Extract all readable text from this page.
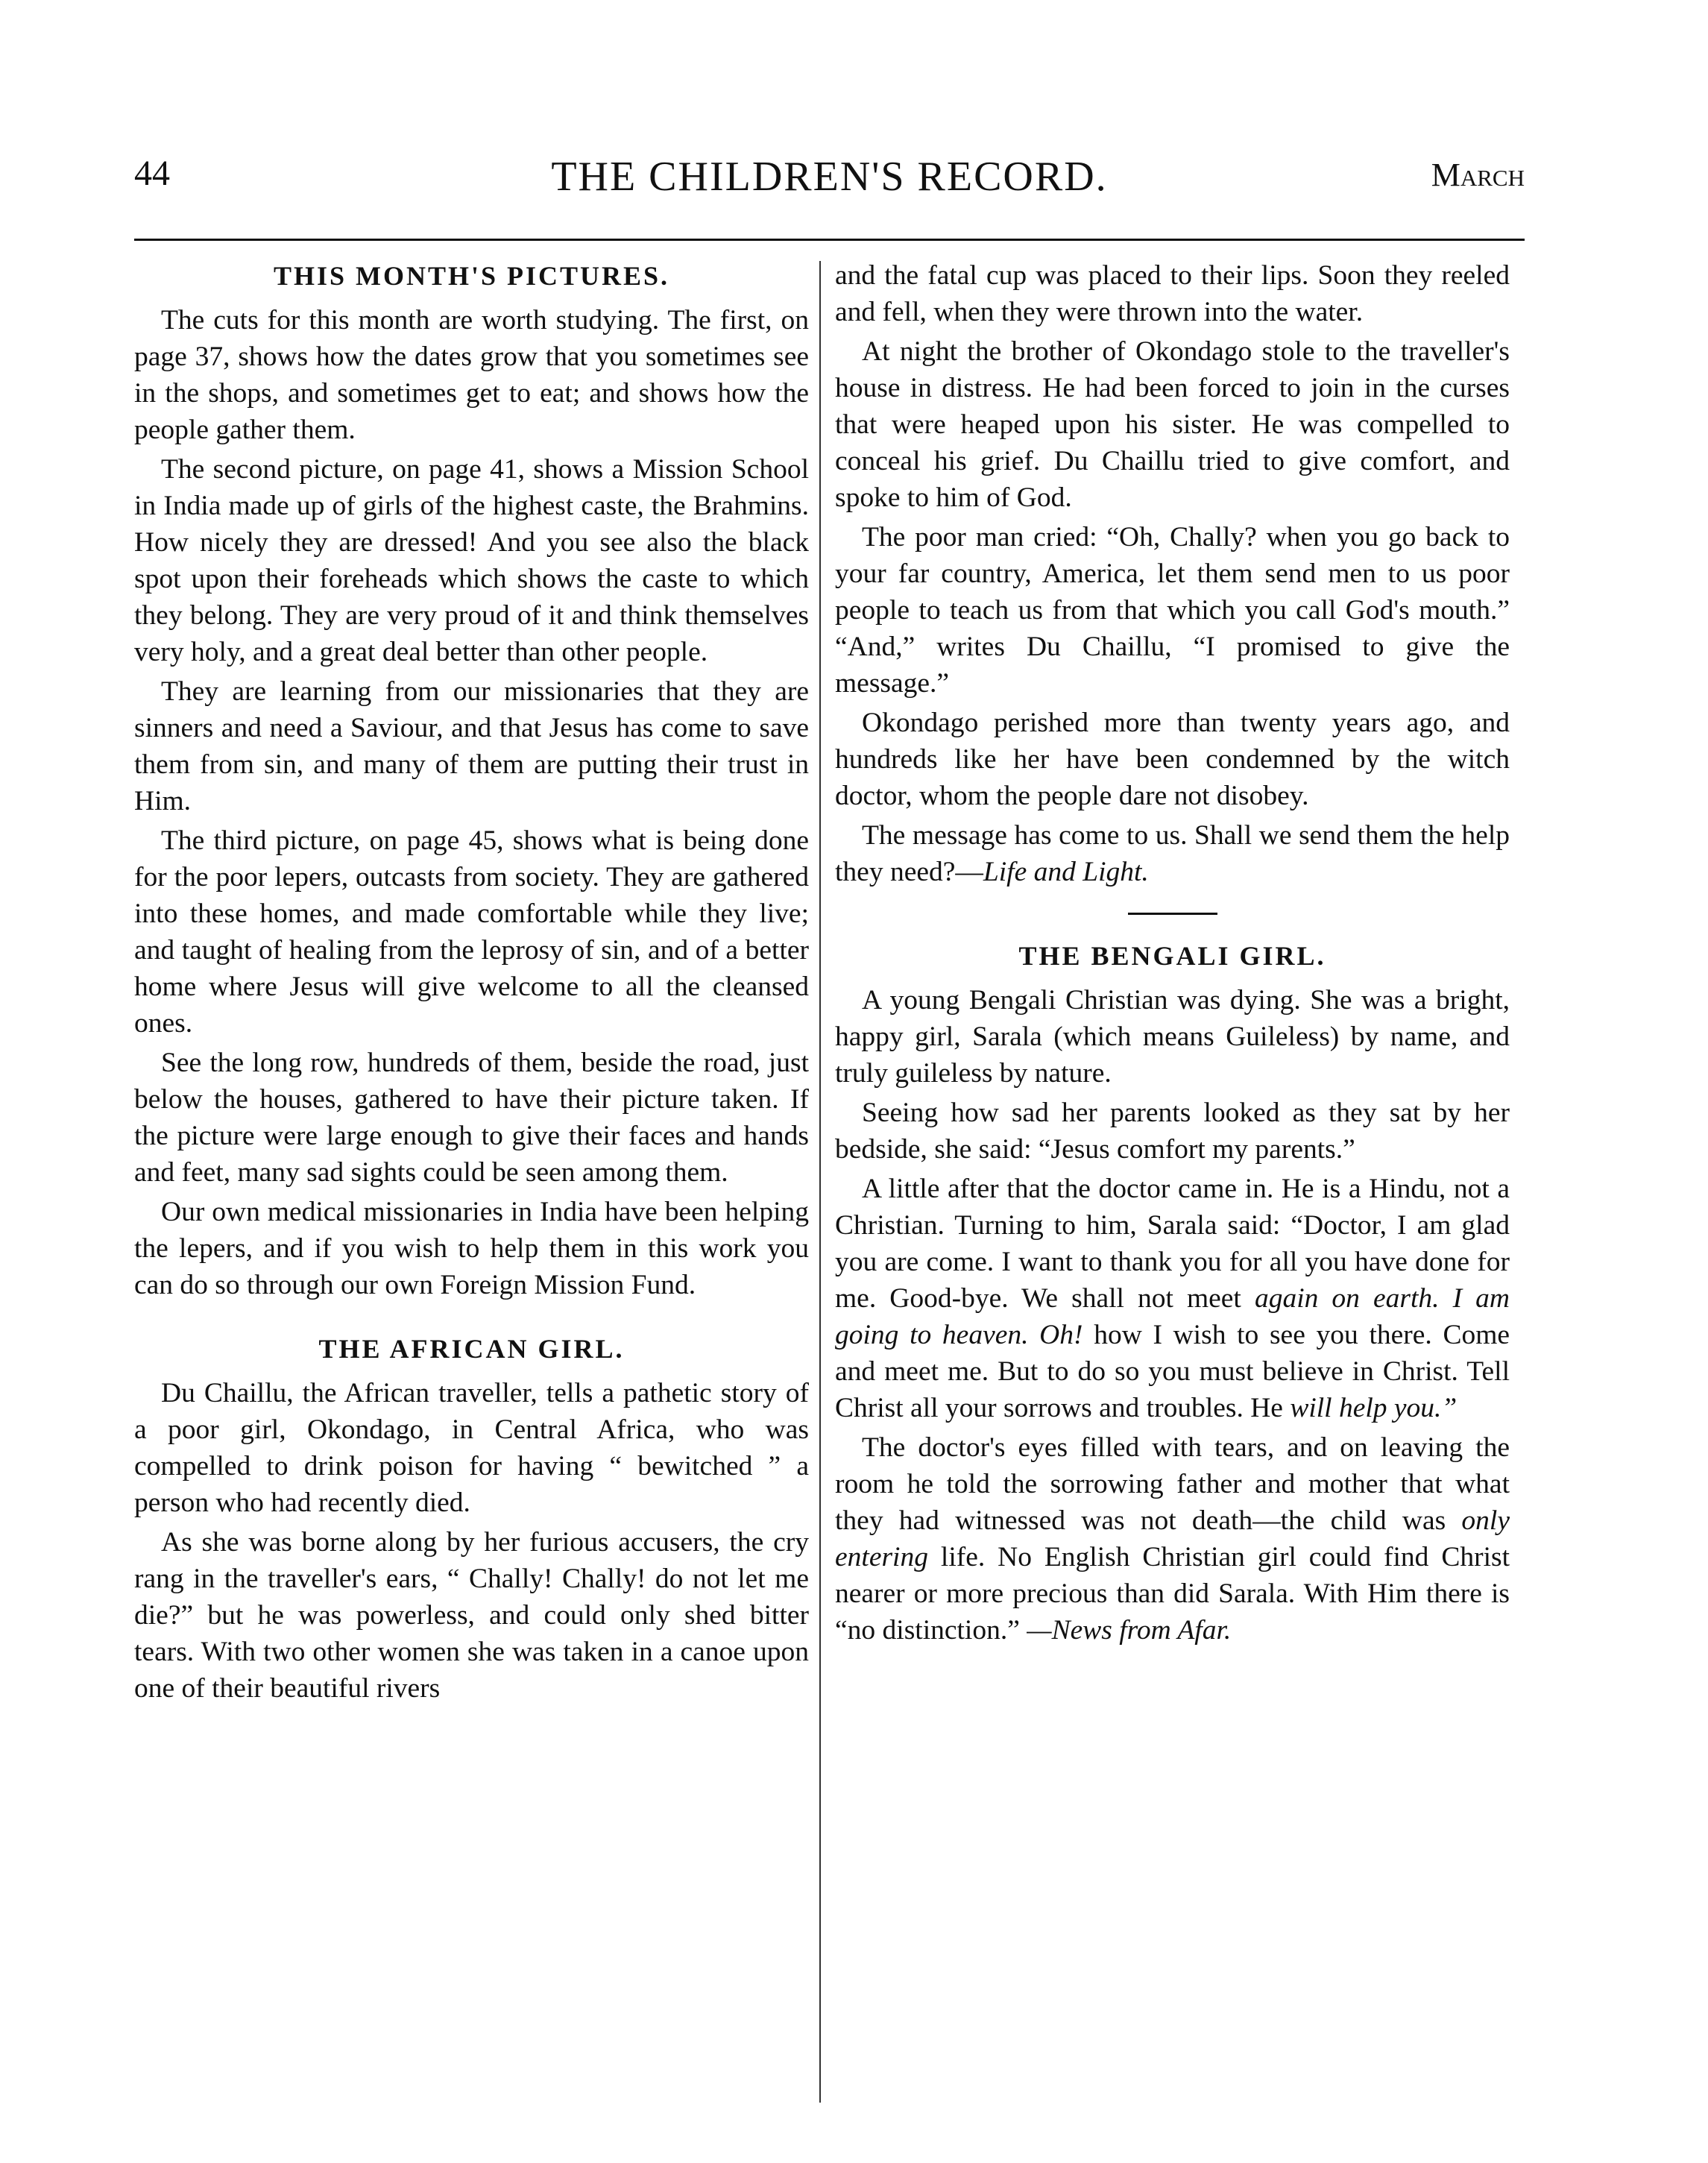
44	THE CHILDREN'S RECORD.	March
THIS MONTH'S PICTURES.

The cuts for this month are worth studying. The first, on page 37, shows how the dates grow that you sometimes see in the shops, and sometimes get to eat; and shows how the people gather them.

The second picture, on page 41, shows a Mission School in India made up of girls of the highest caste, the Brahmins. How nicely they are dressed! And you see also the black spot upon their foreheads which shows the caste to which they belong. They are very proud of it and think themselves very holy, and a great deal better than other people.

They are learning from our missionaries that they are sinners and need a Saviour, and that Jesus has come to save them from sin, and many of them are putting their trust in Him.

The third picture, on page 45, shows what is being done for the poor lepers, outcasts from society. They are gathered into these homes, and made comfortable while they live; and taught of healing from the leprosy of sin, and of a better home where Jesus will give welcome to all the cleansed ones.

See the long row, hundreds of them, beside the road, just below the houses, gathered to have their picture taken. If the picture were large enough to give their faces and hands and feet, many sad sights could be seen among them.

Our own medical missionaries in India have been helping the lepers, and if you wish to help them in this work you can do so through our own Foreign Mission Fund.

THE AFRICAN GIRL.

Du Chaillu, the African traveller, tells a pathetic story of a poor girl, Okondago, in Central Africa, who was compelled to drink poison for having “ bewitched ” a person who had recently died.

As she was borne along by her furious accusers, the cry rang in the traveller's ears, “ Chally! Chally! do not let me die?” but he was powerless, and could only shed bitter tears. With two other women she was taken in a canoe upon one of their beautiful rivers

and the fatal cup was placed to their lips. Soon they reeled and fell, when they were thrown into the water.

At night the brother of Okondago stole to the traveller's house in distress. He had been forced to join in the curses that were heaped upon his sister. He was compelled to conceal his grief. Du Chaillu tried to give comfort, and spoke to him of God.

The poor man cried: “Oh, Chally? when you go back to your far country, America, let them send men to us poor people to teach us from that which you call God's mouth.” “And,” writes Du Chaillu, “I promised to give the message.”

Okondago perished more than twenty years ago, and hundreds like her have been condemned by the witch doctor, whom the people dare not disobey.

The message has come to us. Shall we send them the help they need?—Life and Light.

THE BENGALI GIRL.

A young Bengali Christian was dying. She was a bright, happy girl, Sarala (which means Guileless) by name, and truly guileless by nature.

Seeing how sad her parents looked as they sat by her bedside, she said: “Jesus comfort my parents.”

A little after that the doctor came in. He is a Hindu, not a Christian. Turning to him, Sarala said: “Doctor, I am glad you are come. I want to thank you for all you have done for me. Good-bye. We shall not meet again on earth. I am going to heaven. Oh! how I wish to see you there. Come and meet me. But to do so you must believe in Christ. Tell Christ all your sorrows and troubles. He will help you.”

The doctor's eyes filled with tears, and on leaving the room he told the sorrowing father and mother that what they had witnessed was not death—the child was only entering life. No English Christian girl could find Christ nearer or more precious than did Sarala. With Him there is “no distinction.” —News from Afar.
